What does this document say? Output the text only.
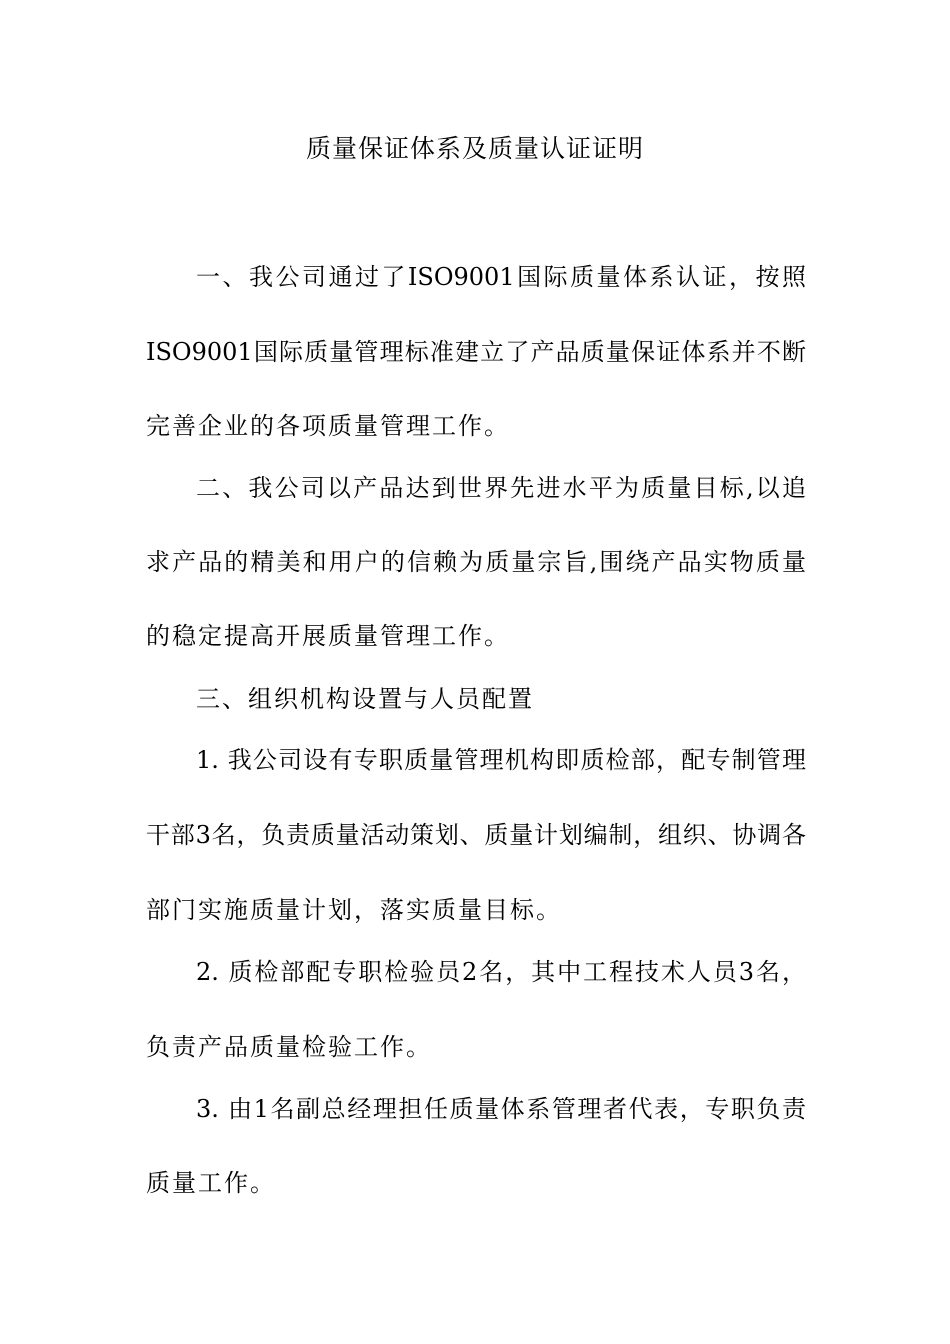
质量保证体系及质量认证证明
一、我公司通过了ISO9001国际质量体系认证，按照
ISO9001国际质量管理标准建立了产品质量保证体系并不断
完善企业的各项质量管理工作。
二、我公司以产品达到世界先进水平为质量目标,以追
求产品的精美和用户的信赖为质量宗旨,围绕产品实物质量
的稳定提高开展质量管理工作。
三、组织机构设置与人员配置
1. 我公司设有专职质量管理机构即质检部，配专制管理
干部3名，负责质量活动策划、质量计划编制，组织、协调各
部门实施质量计划，落实质量目标。
2. 质检部配专职检验员2名，其中工程技术人员3名，
负责产品质量检验工作。
3. 由1名副总经理担任质量体系管理者代表，专职负责
质量工作。
